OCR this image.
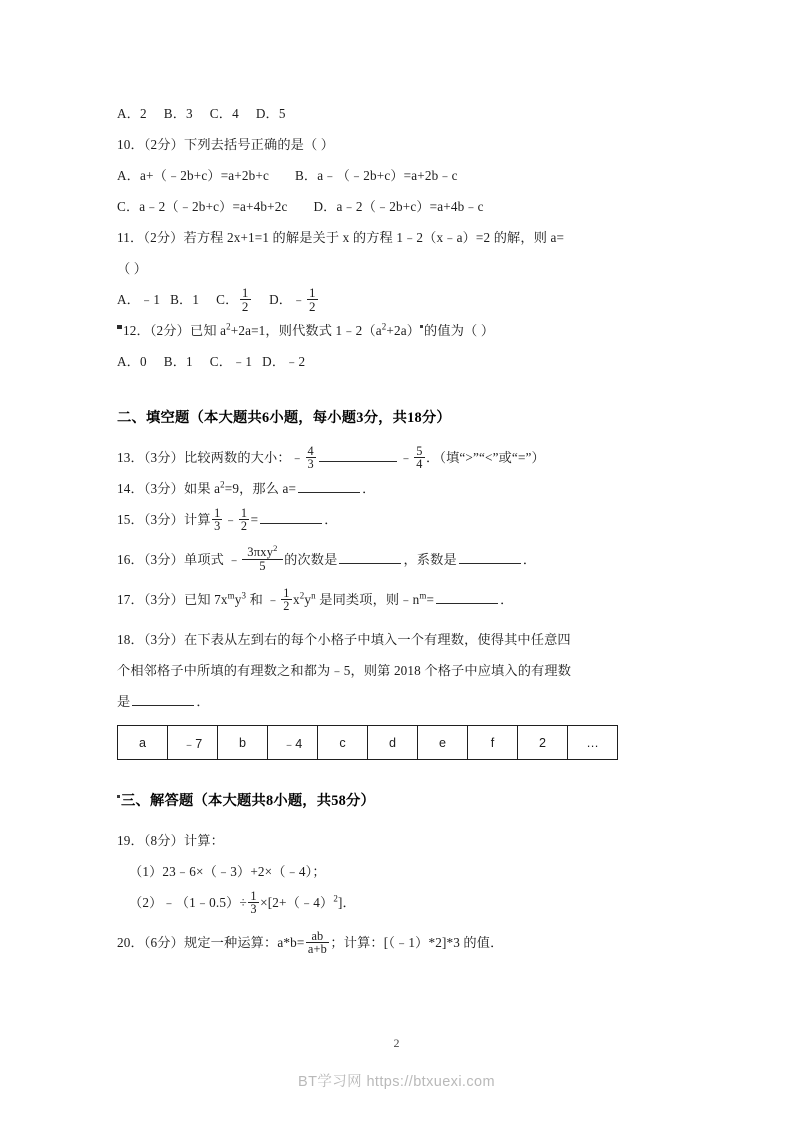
A．2 B．3 C．4 D．5
10．（2分）下列去括号正确的是（ ）
A．a+（﹣2b+c）=a+2b+c B．a﹣（﹣2b+c）=a+2b﹣c
C．a﹣2（﹣2b+c）=a+4b+2c D．a﹣2（﹣2b+c）=a+4b﹣c
11．（2分）若方程 2x+1=1 的解是关于 x 的方程 1﹣2（x﹣a）=2 的解，则 a=
（ ）
A．﹣1 B．1 C． $\frac{1}{2}$ D．﹣ $\frac{1}{2}$
12．（2分）已知 $a^2+2a=1$，则代数式 $1﹣2(a^2+2a)$ 的值为（ ）
A．0 B．1 C．﹣1 D．﹣2
二、填空题（本大题共6小题，每小题3分，共18分）
13．（3分）比较两数的大小：﹣ $\frac{4}{3}$	﹣ $\frac{5}{4}$ ．（填“>”“<”或“=”）
14．（3分）如果 $a^2=9$，那么 a=	．
15．（3分）计算 $\frac{1}{3}$ ﹣ $\frac{1}{2}$ =	．
16．（3分）单项式 ﹣ $\frac{3\pi xy^2}{5}$ 的次数是	，系数是	．
17．（3分）已知 $7x^my^3$ 和 ﹣ $\frac{1}{2} x^2y^n$ 是同类项，则$﹣n^m=$	．
18．（3分）在下表从左到右的每个小格子中填入一个有理数，使得其中任意四
个相邻格子中所填的有理数之和都为﹣5，则第 2018 个格子中应填入的有理数
是	．
a	﹣7	b	﹣4	c	d	e	f	2	…
三、解答题（本大题共8小题，共58分）
19．（8分）计算：
（1）23﹣6×（﹣3）+2×（﹣4）；
（2）﹣（1﹣0.5）÷ $\frac{1}{3}$ ×[2+（﹣4）$^2$]．
20．（6分）规定一种运算：$a*b= \frac{ab}{a+b}$ ；计算：[（﹣1）*2]*3 的值．
2
BT学习网 https://btxuexi.com
